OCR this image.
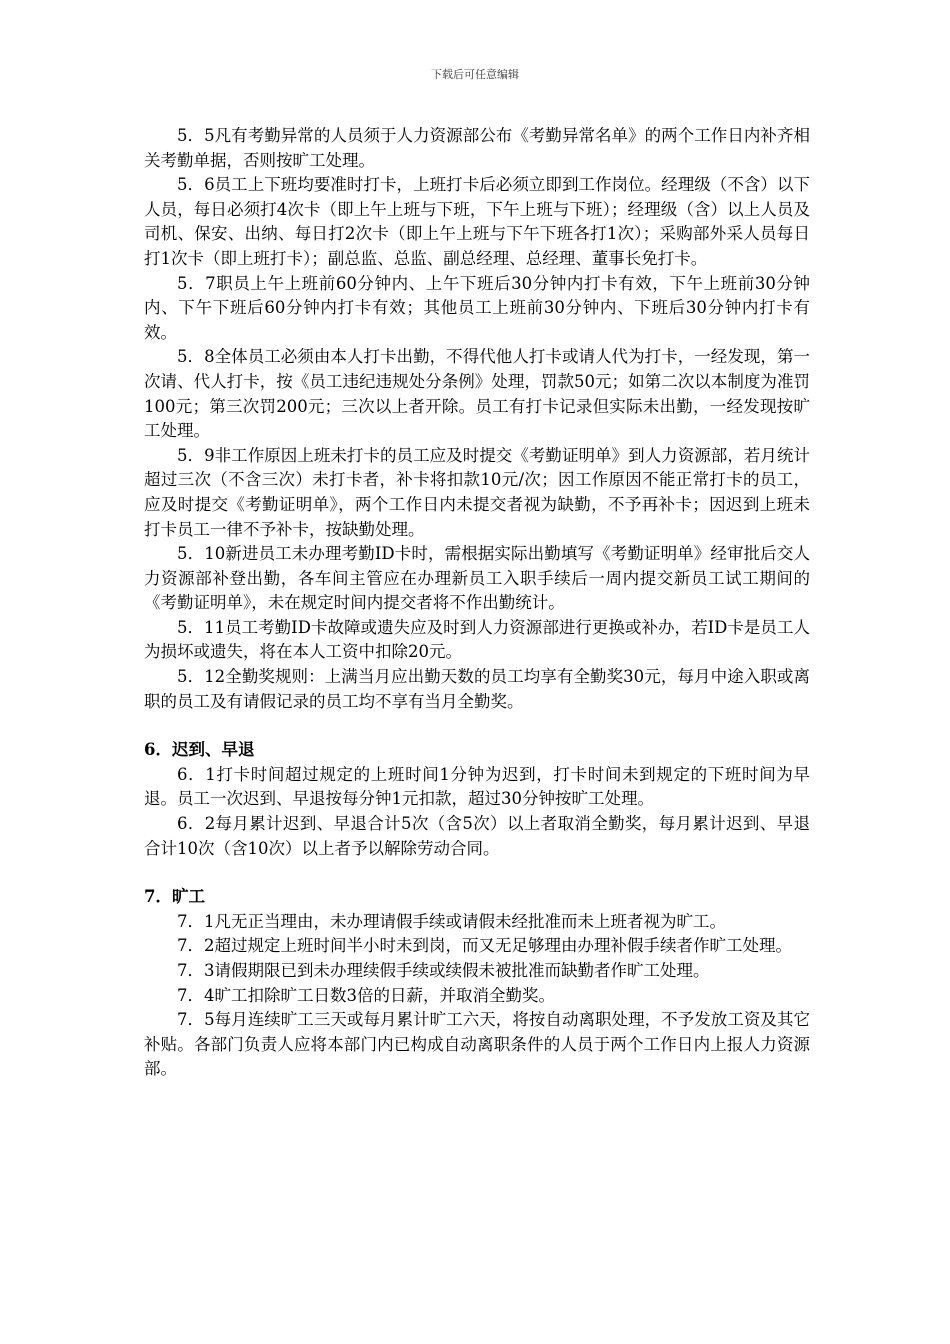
下载后可任意编辑

5．5凡有考勤异常的人员须于人力资源部公布《考勤异常名单》的两个工作日内补齐相关考勤单据，否则按旷工处理。

5．6员工上下班均要准时打卡，上班打卡后必须立即到工作岗位。经理级（不含）以下人员，每日必须打4次卡（即上午上班与下班，下午上班与下班）；经理级（含）以上人员及司机、保安、出纳、每日打2次卡（即上午上班与下午下班各打1次）；采购部外采人员每日打1次卡（即上班打卡）；副总监、总监、副总经理、总经理、董事长免打卡。

5．7职员上午上班前60分钟内、上午下班后30分钟内打卡有效，下午上班前30分钟内、下午下班后60分钟内打卡有效；其他员工上班前30分钟内、下班后30分钟内打卡有效。

5．8全体员工必须由本人打卡出勤，不得代他人打卡或请人代为打卡，一经发现，第一次请、代人打卡，按《员工违纪违规处分条例》处理，罚款50元；如第二次以本制度为准罚100元；第三次罚200元；三次以上者开除。员工有打卡记录但实际未出勤，一经发现按旷工处理。

5．9非工作原因上班未打卡的员工应及时提交《考勤证明单》到人力资源部，若月统计超过三次（不含三次）未打卡者，补卡将扣款10元/次；因工作原因不能正常打卡的员工，应及时提交《考勤证明单》，两个工作日内未提交者视为缺勤，不予再补卡；因迟到上班未打卡员工一律不予补卡，按缺勤处理。

5．10新进员工未办理考勤ID卡时，需根据实际出勤填写《考勤证明单》经审批后交人力资源部补登出勤，各车间主管应在办理新员工入职手续后一周内提交新员工试工期间的《考勤证明单》，未在规定时间内提交者将不作出勤统计。

5．11员工考勤ID卡故障或遗失应及时到人力资源部进行更换或补办，若ID卡是员工人为损坏或遗失，将在本人工资中扣除20元。

5．12全勤奖规则：上满当月应出勤天数的员工均享有全勤奖30元，每月中途入职或离职的员工及有请假记录的员工均不享有当月全勤奖。

6．迟到、早退

6．1打卡时间超过规定的上班时间1分钟为迟到，打卡时间未到规定的下班时间为早退。员工一次迟到、早退按每分钟1元扣款，超过30分钟按旷工处理。

6．2每月累计迟到、早退合计5次（含5次）以上者取消全勤奖，每月累计迟到、早退合计10次（含10次）以上者予以解除劳动合同。

7．旷工

7．1凡无正当理由，未办理请假手续或请假未经批准而未上班者视为旷工。

7．2超过规定上班时间半小时未到岗，而又无足够理由办理补假手续者作旷工处理。

7．3请假期限已到未办理续假手续或续假未被批准而缺勤者作旷工处理。

7．4旷工扣除旷工日数3倍的日薪，并取消全勤奖。

7．5每月连续旷工三天或每月累计旷工六天，将按自动离职处理，不予发放工资及其它补贴。各部门负责人应将本部门内已构成自动离职条件的人员于两个工作日内上报人力资源部。
